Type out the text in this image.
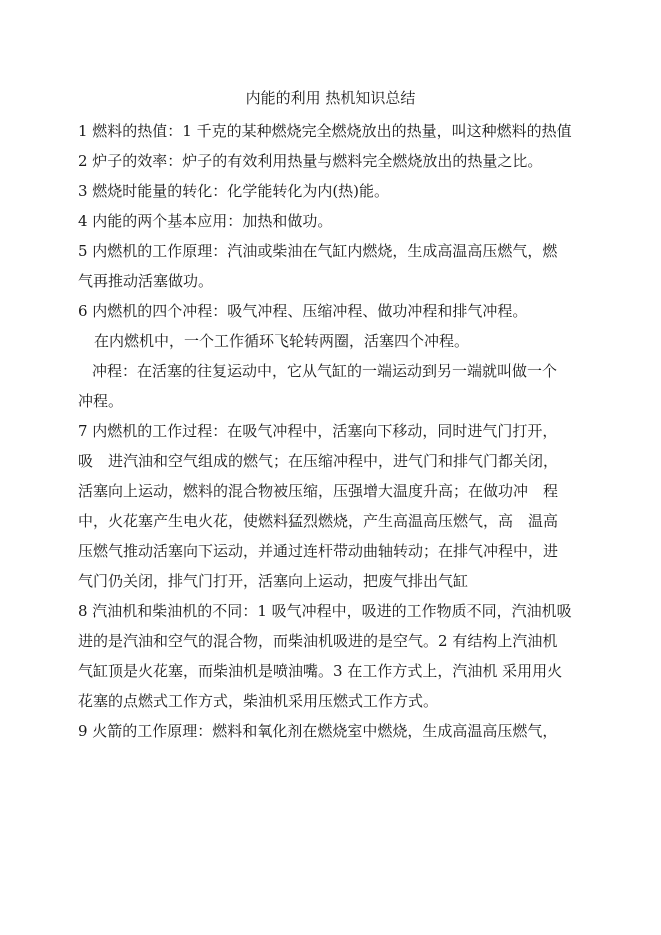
内能的利用 热机知识总结
1 燃料的热值：1 千克的某种燃烧完全燃烧放出的热量，叫这种燃料的热值
2 炉子的效率：炉子的有效利用热量与燃料完全燃烧放出的热量之比。
3 燃烧时能量的转化：化学能转化为内(热)能。
4 内能的两个基本应用：加热和做功。
5 内燃机的工作原理：汽油或柴油在气缸内燃烧，生成高温高压燃气，燃
气再推动活塞做功。
6 内燃机的四个冲程：吸气冲程、压缩冲程、做功冲程和排气冲程。
在内燃机中，一个工作循环飞轮转两圈，活塞四个冲程。
冲程：在活塞的往复运动中，它从气缸的一端运动到另一端就叫做一个
冲程。
7 内燃机的工作过程：在吸气冲程中，活塞向下移动，同时进气门打开，
吸　进汽油和空气组成的燃气；在压缩冲程中，进气门和排气门都关闭，
活塞向上运动，燃料的混合物被压缩，压强增大温度升高；在做功冲　程
中，火花塞产生电火花，使燃料猛烈燃烧，产生高温高压燃气，高　温高
压燃气推动活塞向下运动，并通过连杆带动曲轴转动；在排气冲程中，进
气门仍关闭，排气门打开，活塞向上运动，把废气排出气缸
8 汽油机和柴油机的不同：1 吸气冲程中，吸进的工作物质不同，汽油机吸
进的是汽油和空气的混合物，而柴油机吸进的是空气。2 有结构上汽油机
气缸顶是火花塞，而柴油机是喷油嘴。3 在工作方式上，汽油机 采用用火
花塞的点燃式工作方式，柴油机采用压燃式工作方式。
9 火箭的工作原理：燃料和氧化剂在燃烧室中燃烧，生成高温高压燃气，
